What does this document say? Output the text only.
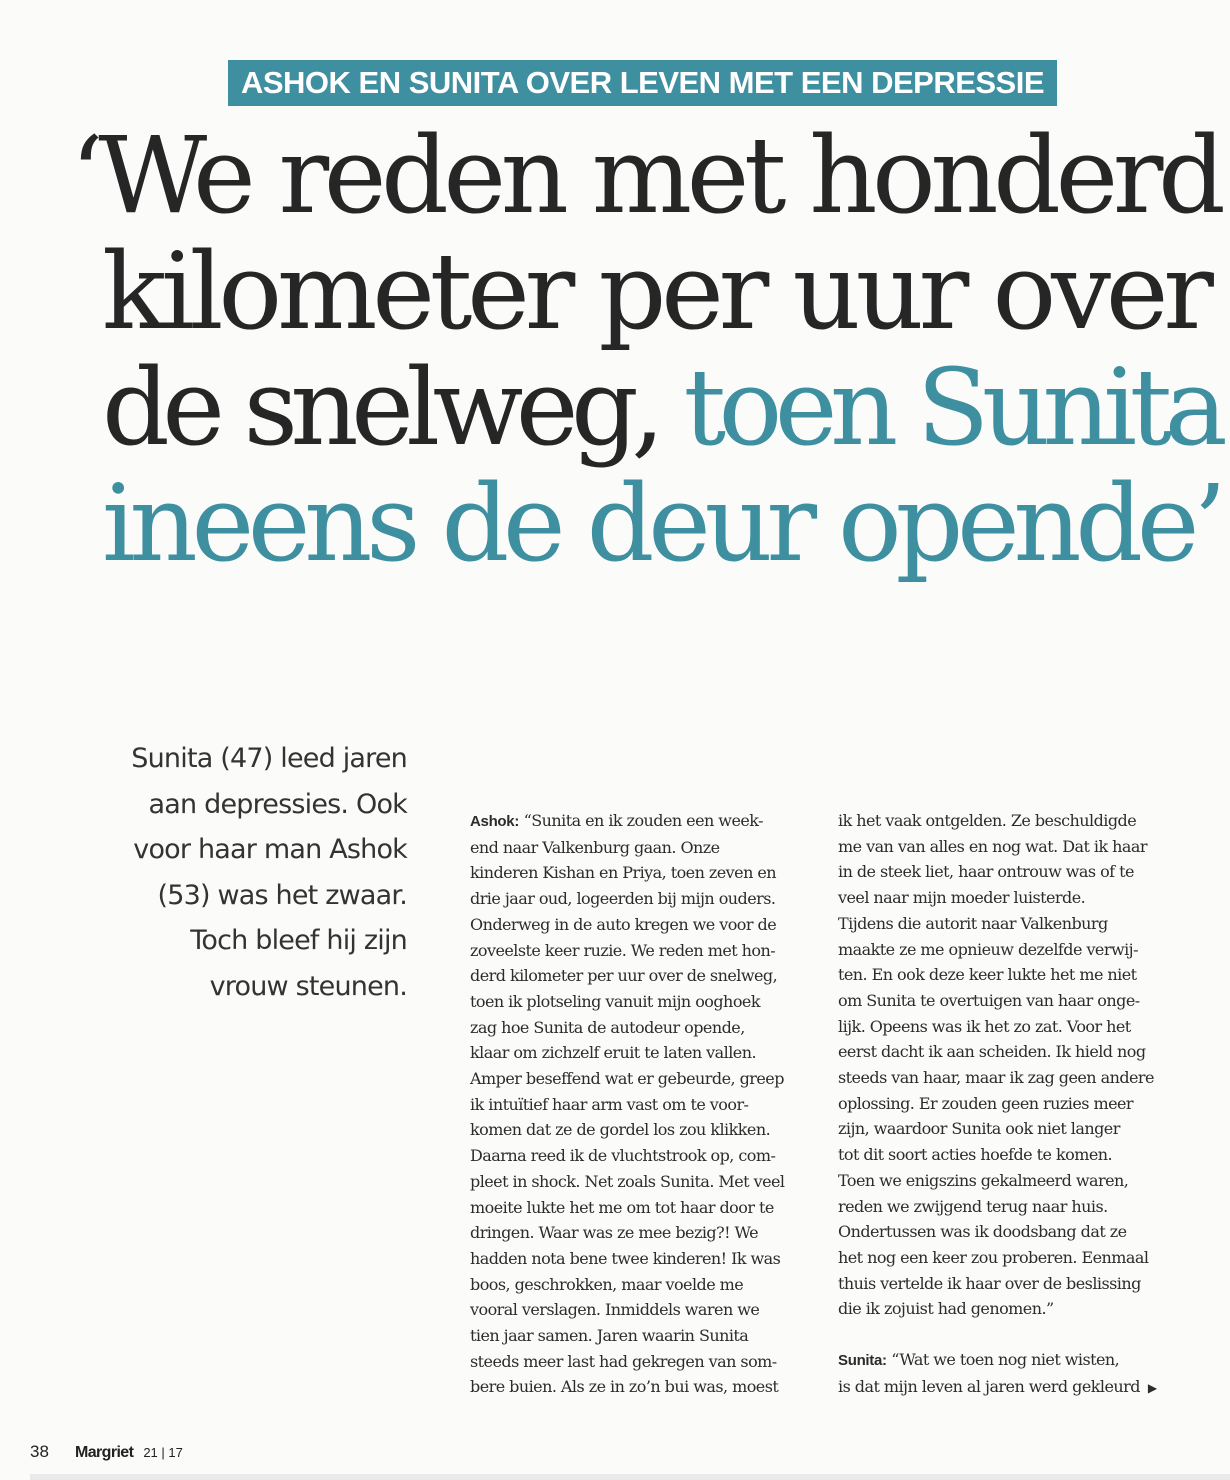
ASHOK EN SUNITA OVER LEVEN MET EEN DEPRESSIE
‘We reden met honderd
kilometer per uur over
de snelweg, toen Sunita
ineens de deur opende’
Sunita (47) leed jaren
aan depressies. Ook
voor haar man Ashok
(53) was het zwaar.
Toch bleef hij zijn
vrouw steunen.
Ashok: “Sunita en ik zouden een week-
end naar Valkenburg gaan. Onze
kinderen Kishan en Priya, toen zeven en
drie jaar oud, logeerden bij mijn ouders.
Onderweg in de auto kregen we voor de
zoveelste keer ruzie. We reden met hon-
derd kilometer per uur over de snelweg,
toen ik plotseling vanuit mijn ooghoek
zag hoe Sunita de autodeur opende,
klaar om zichzelf eruit te laten vallen.
Amper beseffend wat er gebeurde, greep
ik intuïtief haar arm vast om te voor-
komen dat ze de gordel los zou klikken.
Daarna reed ik de vluchtstrook op, com-
pleet in shock. Net zoals Sunita. Met veel
moeite lukte het me om tot haar door te
dringen. Waar was ze mee bezig?! We
hadden nota bene twee kinderen! Ik was
boos, geschrokken, maar voelde me
vooral verslagen. Inmiddels waren we
tien jaar samen. Jaren waarin Sunita
steeds meer last had gekregen van som-
bere buien. Als ze in zo’n bui was, moest
ik het vaak ontgelden. Ze beschuldigde
me van van alles en nog wat. Dat ik haar
in de steek liet, haar ontrouw was of te
veel naar mijn moeder luisterde.
Tijdens die autorit naar Valkenburg
maakte ze me opnieuw dezelfde verwij-
ten. En ook deze keer lukte het me niet
om Sunita te overtuigen van haar onge-
lijk. Opeens was ik het zo zat. Voor het
eerst dacht ik aan scheiden. Ik hield nog
steeds van haar, maar ik zag geen andere
oplossing. Er zouden geen ruzies meer
zijn, waardoor Sunita ook niet langer
tot dit soort acties hoefde te komen.
Toen we enigszins gekalmeerd waren,
reden we zwijgend terug naar huis.
Ondertussen was ik doodsbang dat ze
het nog een keer zou proberen. Eenmaal
thuis vertelde ik haar over de beslissing
die ik zojuist had genomen.”
Sunita: “Wat we toen nog niet wisten,
is dat mijn leven al jaren werd gekleurd ▶
38	Margriet 21 | 17
